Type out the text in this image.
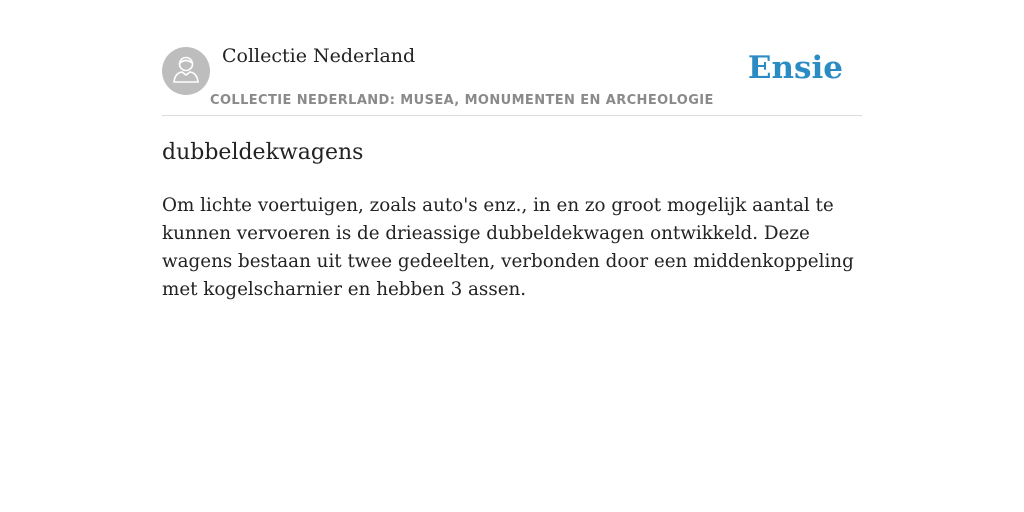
Collectie Nederland
COLLECTIE NEDERLAND: MUSEA, MONUMENTEN EN ARCHEOLOGIE
Ensie
dubbeldekwagens
Om lichte voertuigen, zoals auto's enz., in en zo groot mogelijk aantal te kunnen vervoeren is de drieassige dubbeldekwagen ontwikkeld. Deze wagens bestaan uit twee gedeelten, verbonden door een middenkoppeling met kogelscharnier en hebben 3 assen.
